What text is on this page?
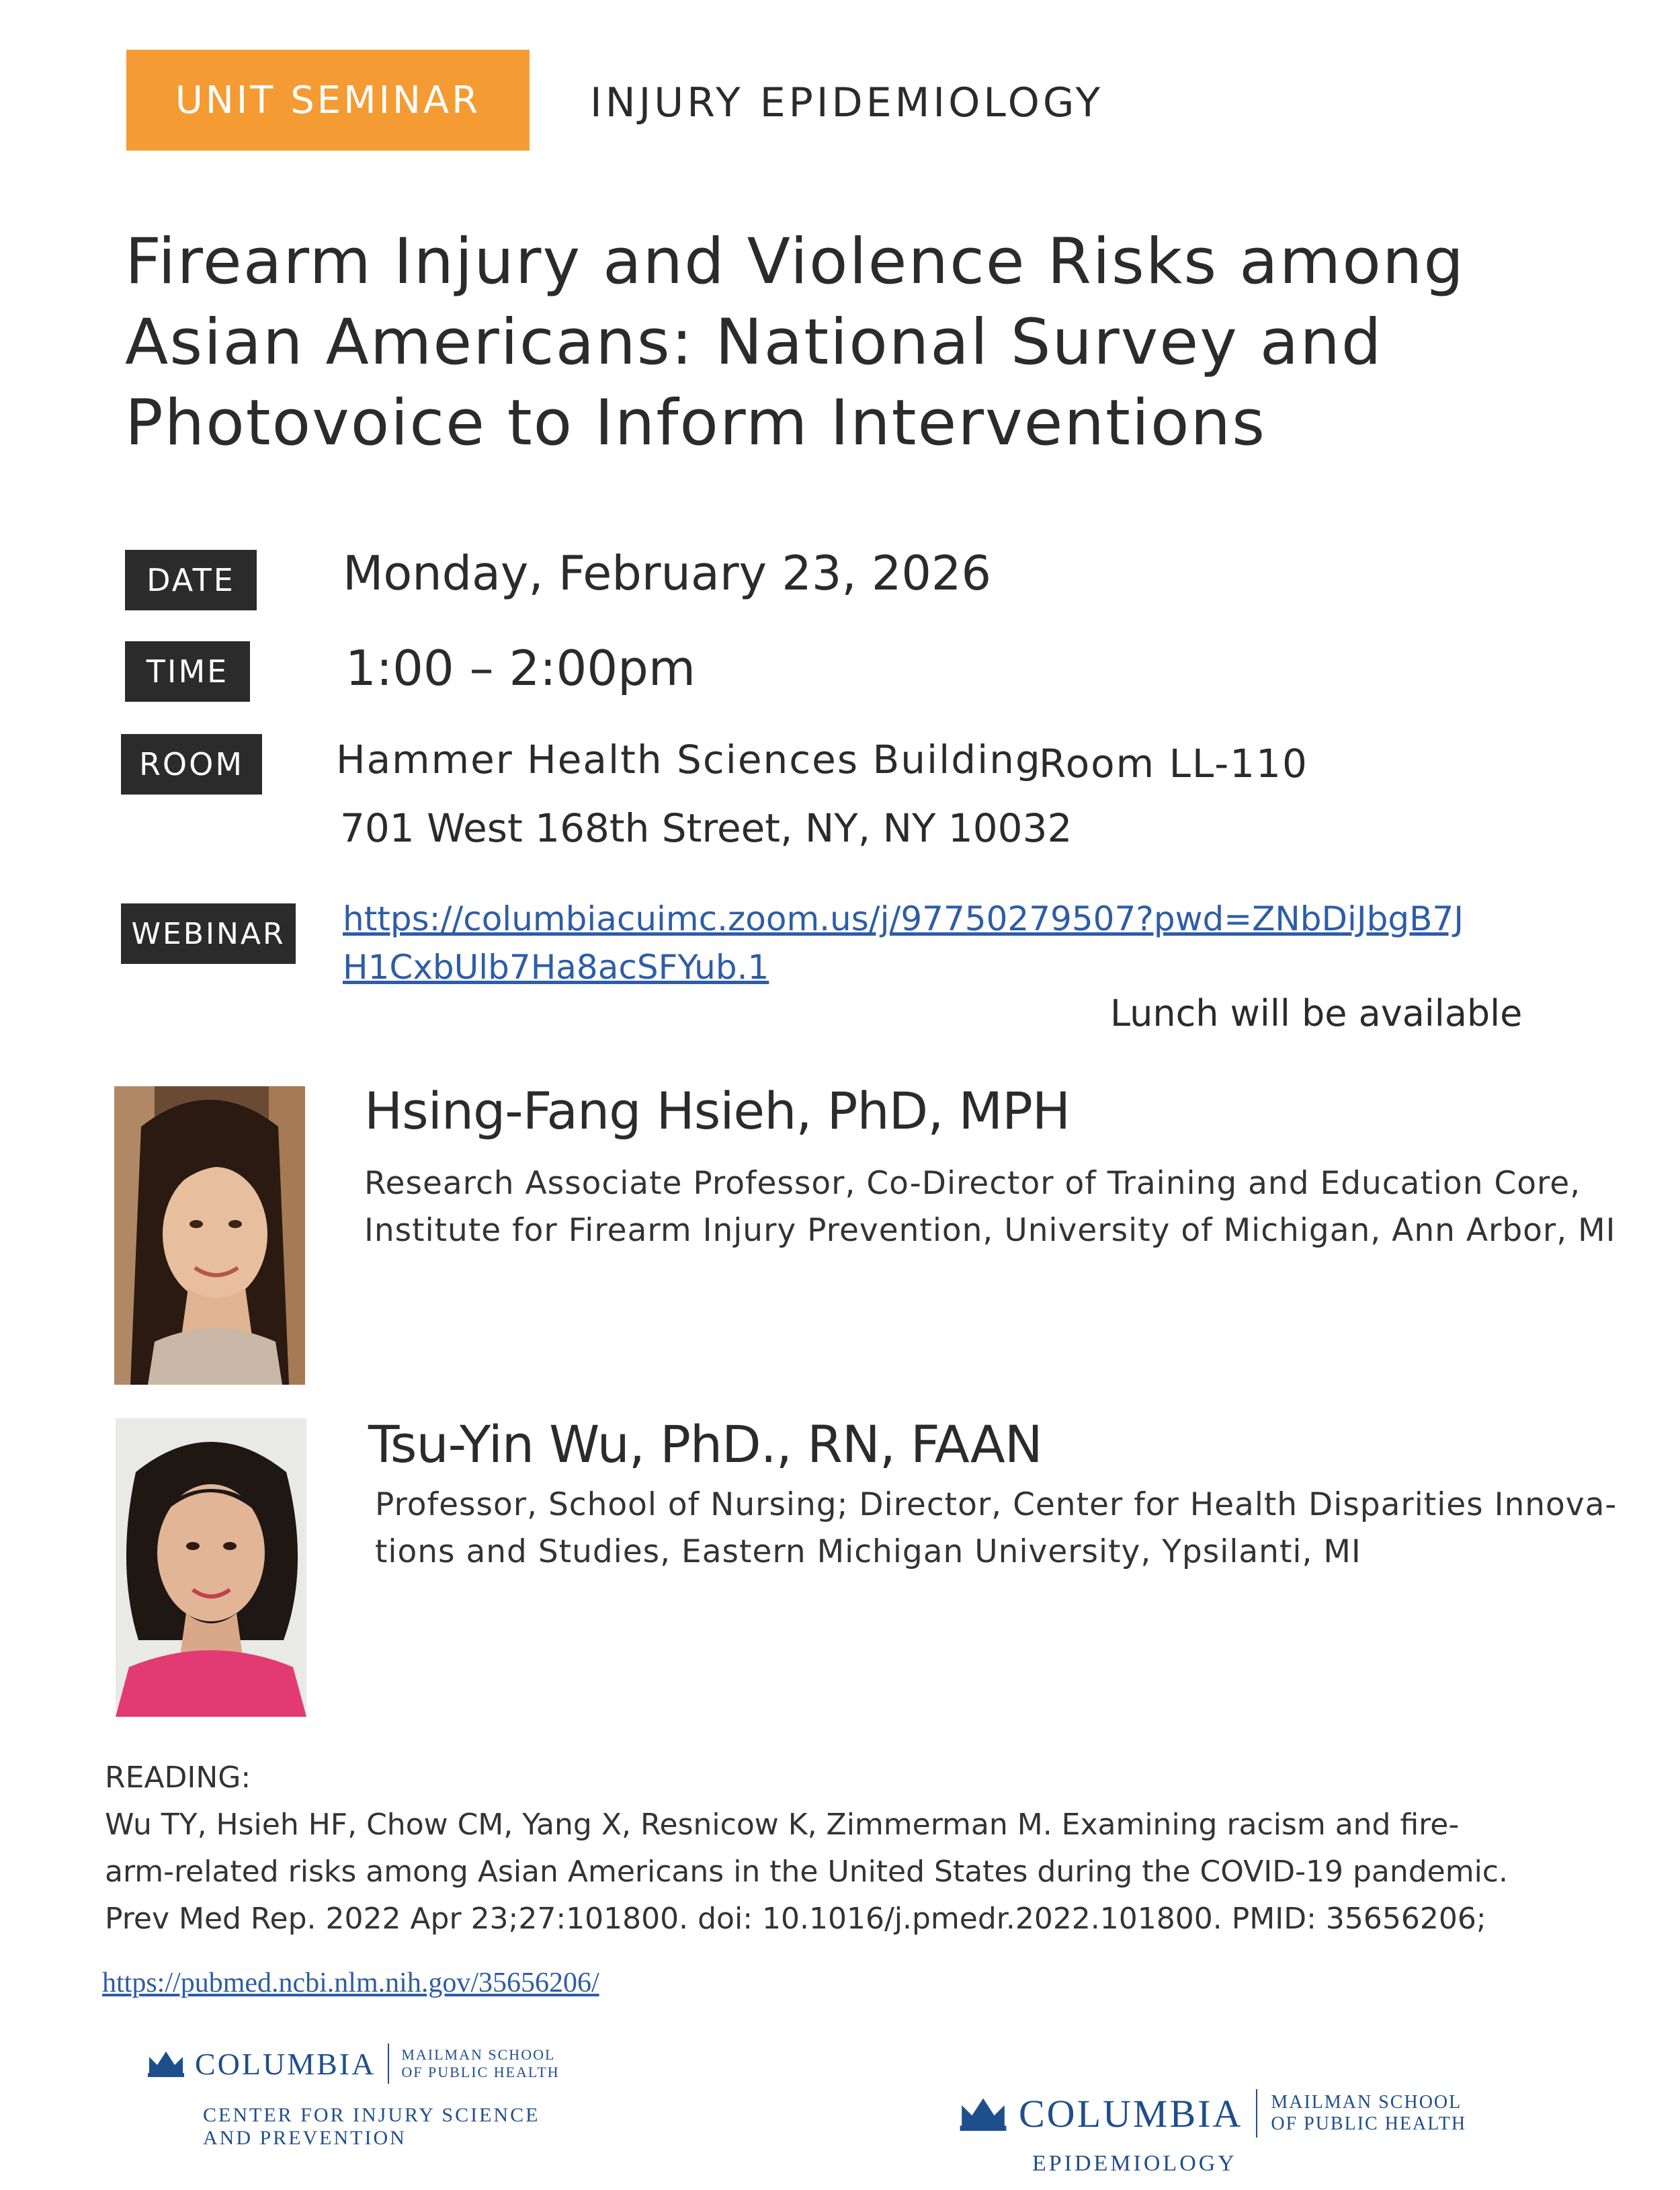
UNIT SEMINAR	INJURY EPIDEMIOLOGY
Firearm Injury and Violence Risks among
Asian Americans: National Survey and
Photovoice to Inform Interventions
DATE	Monday, February 23, 2026
TIME	1:00 – 2:00pm
ROOM	Hammer Health Sciences Building
Room LL-110
701 West 168th Street, NY, NY 10032
WEBINAR	https://columbiacuimc.zoom.us/j/97750279507?pwd=ZNbDiJbgB7J
H1CxbUlb7Ha8acSFYub.1
Lunch will be available
Hsing-Fang Hsieh, PhD, MPH
Research Associate Professor, Co-Director of Training and Education Core,
Institute for Firearm Injury Prevention, University of Michigan, Ann Arbor, MI
Tsu-Yin Wu, PhD., RN, FAAN
Professor, School of Nursing; Director, Center for Health Disparities Innova-
tions and Studies, Eastern Michigan University, Ypsilanti, MI
READING:
Wu TY, Hsieh HF, Chow CM, Yang X, Resnicow K, Zimmerman M. Examining racism and fire-
arm-related risks among Asian Americans in the United States during the COVID-19 pandemic.
Prev Med Rep. 2022 Apr 23;27:101800. doi: 10.1016/j.pmedr.2022.101800. PMID: 35656206;
https://pubmed.ncbi.nlm.nih.gov/35656206/
COLUMBIA MAILMAN SCHOOL
OF PUBLIC HEALTH
CENTER FOR INJURY SCIENCE
AND PREVENTION
COLUMBIA MAILMAN SCHOOL
OF PUBLIC HEALTH
EPIDEMIOLOGY
